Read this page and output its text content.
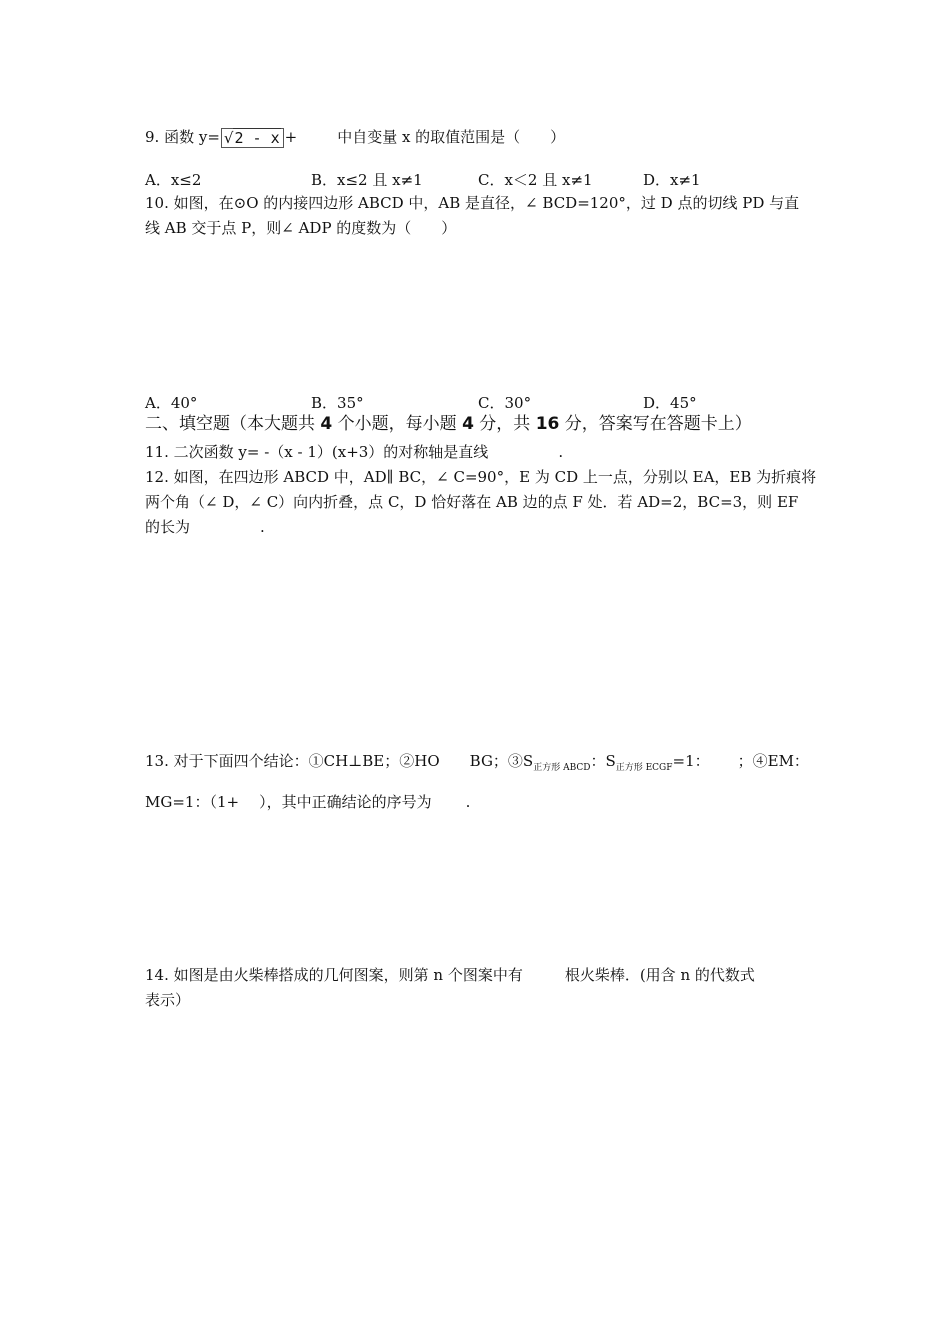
9. 函数 y= √2 - x +	中自变量 x 的取值范围是（　　）
A．x≤2	B．x≤2 且 x≠1	C．x＜2 且 x≠1	D．x≠1
10. 如图，在⊙O 的内接四边形 ABCD 中，AB 是直径，∠ BCD=120°，过 D 点的切线 PD 与直
线 AB 交于点 P，则∠ ADP 的度数为（　　）
A．40°	B．35°	C．30°	D．45°
二、填空题（本大题共 4 个小题，每小题 4 分，共 16 分，答案写在答题卡上）
11. 二次函数 y= -（x - 1）(x+3）的对称轴是直线	.
12. 如图，在四边形 ABCD 中，AD∥ BC，∠ C=90°，E 为 CD 上一点，分别以 EA，EB 为折痕将
两个角（∠ D，∠ C）向内折叠，点 C，D 恰好落在 AB 边的点 F 处．若 AD=2，BC=3，则 EF
的长为	.
13. 对于下面四个结论：①CH⊥BE；②HO BG；$③S_{正方形 ABCD}$：$S_{正方形 ECGF}=1$： ；④EM：
MG=1：（1+ ），其中正确结论的序号为 .
14. 如图是由火柴棒搭成的几何图案，则第 n 个图案中有	根火柴棒．(用含 n 的代数式
表示）
